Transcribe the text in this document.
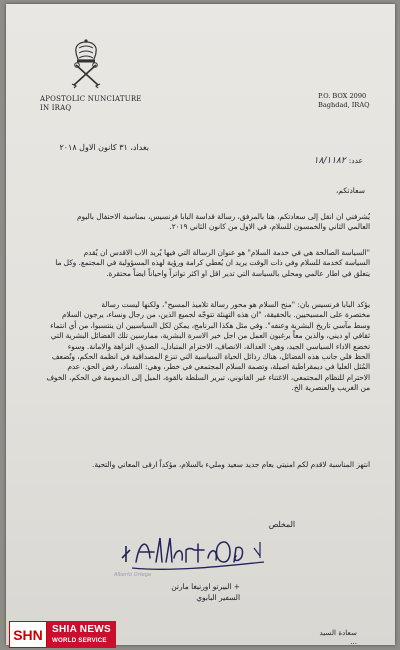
APOSTOLIC NUNCIATURE
IN IRAQ
P.O. BOX 2090
Baghdad, IRAQ
بغداد، ٣١ كانون الاول ٢٠١٨
عدد:١٨/١١٨٢
سعادتكم،
يُشرفني ان انقل إلى سعادتكم، هنا بالمرفق، رسالة قداسة البابا فرنسيس، بمناسبة الاحتفال باليوم
العالمي الثاني والخمسون للسلام، في الاول من كانون الثاني ٢٠١٩.
"السياسة الصالحة هي في خدمة السلام" هو عنوان الرسالة التي فيها يُريد الاب الاقدس ان يُقدم
السياسة كخدمة للسلام وفي ذات الوقت يريد ان يُعطي كرامة ورؤية لهذه المسؤولية في المجتمع. وكل ما
يتعلق في اطار عالمي ومحلي بالسياسة التي تدير اقل او اكثر تواتراً واحياناً ايضاً محتقرة.
يؤكد البابا فرنسيس بان: "منح السلام هو محور رسالة تلاميذ المسيح"، ولكنها ليست رسالة
مختصرة على المسيحيين. بالحقيقة، "ان هذه التهنئة تتوجّه لجميع الذين، من رجال ونساء، يرجون السلام
وسط مآسي تاريخ البشرية وعنفه". وفي مثل هكذا البرنامج، يمكن لكل السياسيين ان ينتسبوا، من أي انتماء
ثقافي او ديني، والذين معاً يرغبون العمل من اجل خير الاسرة البشرية، ممارسين تلك الفضائل البشرية التي
تخضع الاداء السياسي الجيد، وهي: العدالة، الانصاف، الاحترام المتبادل، الصدق، النزاهة والامانة. وسوء
الحظ فلي جانب هذه الفضائل، هناك رذائل الحياة السياسية التي تنزع المصداقية في انظمة الحكم، وتُضعف
المُثل العليا في ديمقراطية اصيلة، وتصمة السلام المجتمعي في خطر، وهي: الفساد، رفض الحق، عدم
الاحترام للنظام المجتمعي، الاغتناء غير القانوني، تبرير السلطة بالقوة، الميل إلى الديمومة في الحكم، الخوف
من الغريب والعنصرية الخ.
انتهز المناسبة لاقدم لكم امنيتي بعام جديد سعيد ومليء بالسلام، مؤكداً ارقى المعاني والتحية.
المخلص
Alberto Ortega
+ البيرتو اورتيغا مارتن
السفير البابوي
سعادة السيد
...
SHN SHIA NEWS
WORLD SERVICE
